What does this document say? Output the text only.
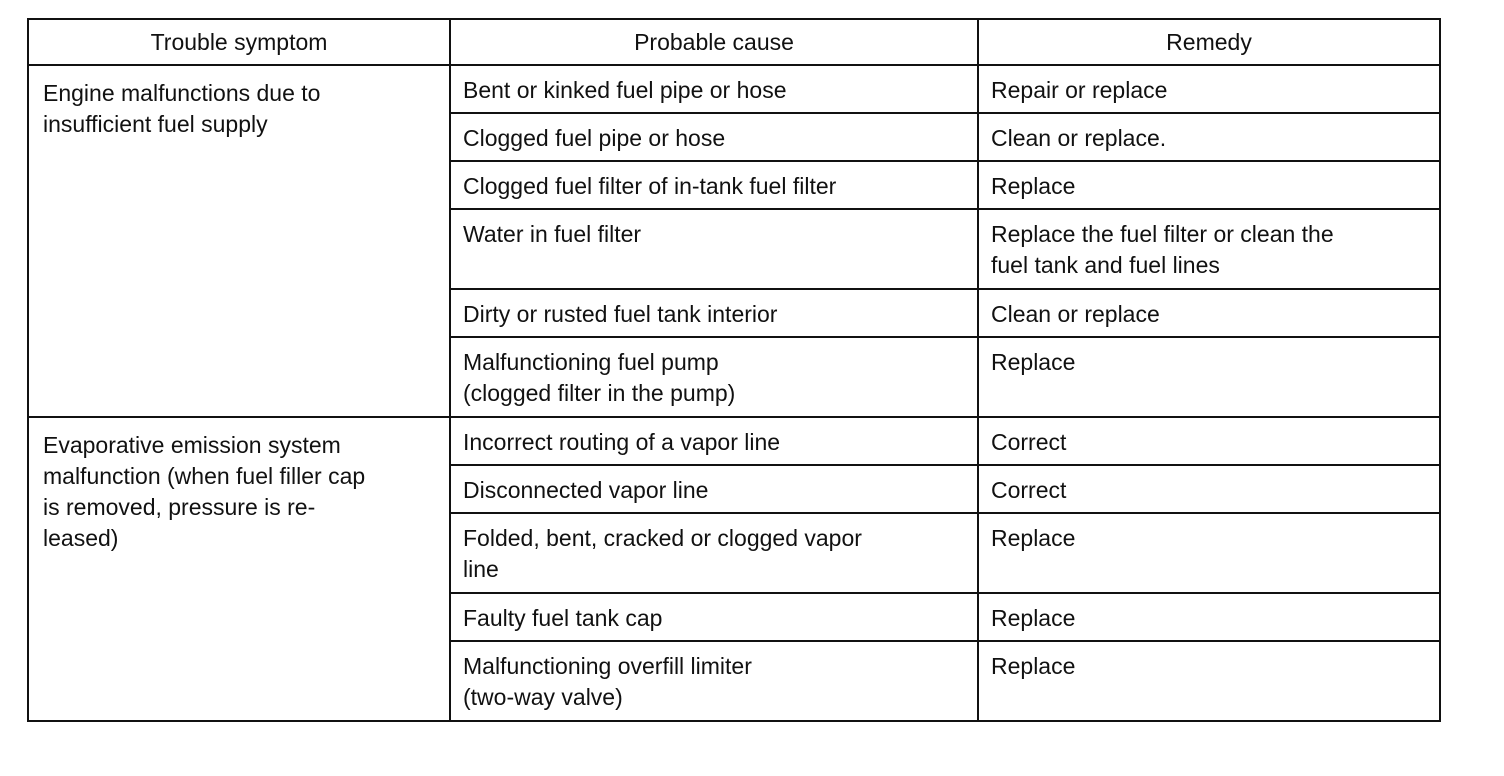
Trouble symptom	Probable cause	Remedy

Engine malfunctions due to
insufficient fuel supply	Bent or kinked fuel pipe or hose	Repair or replace

	Clogged fuel pipe or hose	Clean or replace.

	Clogged fuel filter of in-tank fuel filter	Replace

	Water in fuel filter	Replace the fuel filter or clean the
fuel tank and fuel lines

	Dirty or rusted fuel tank interior	Clean or replace

	Malfunctioning fuel pump
(clogged filter in the pump)	Replace

Evaporative emission system
malfunction (when fuel filler cap
is removed, pressure is re-
leased)	Incorrect routing of a vapor line	Correct

	Disconnected vapor line	Correct

	Folded, bent, cracked or clogged vapor
line	Replace

	Faulty fuel tank cap	Replace

	Malfunctioning overfill limiter
(two-way valve)	Replace
